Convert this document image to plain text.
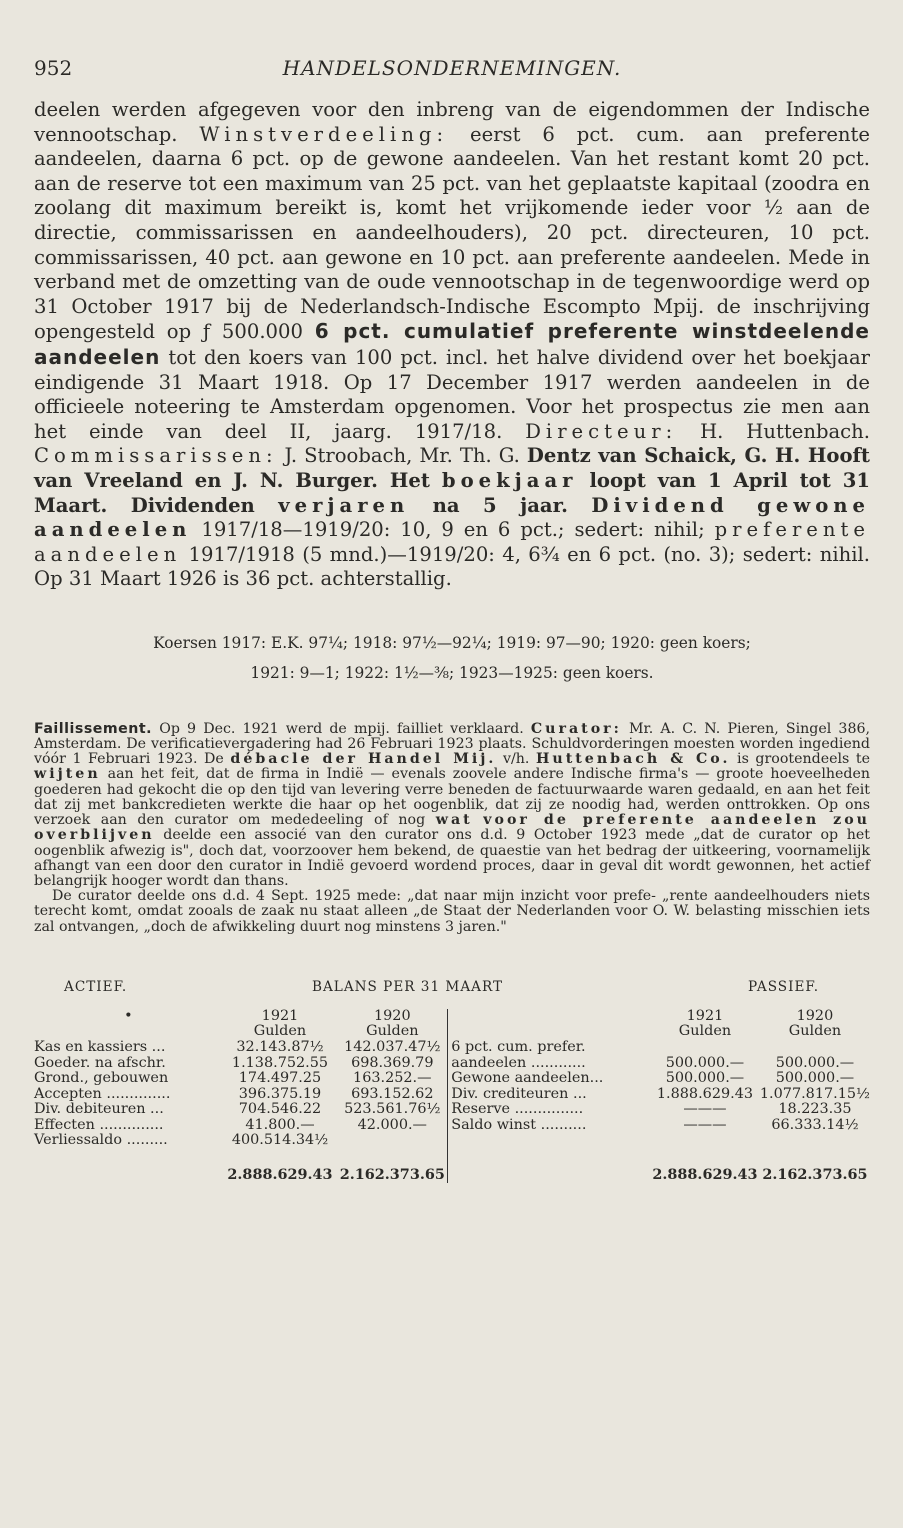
952	HANDELSONDERNEMINGEN.
deelen werden afgegeven voor den inbreng van de eigendommen der Indische vennootschap. Winstverdeeling: eerst 6 pct. cum. aan preferente aandeelen, daarna 6 pct. op de gewone aandeelen. Van het restant komt 20 pct. aan de reserve tot een maximum van 25 pct. van het geplaatste kapitaal (zoodra en zoolang dit maximum bereikt is, komt het vrijkomende ieder voor ½ aan de directie, commissarissen en aandeelhouders), 20 pct. directeuren, 10 pct. commissarissen, 40 pct. aan gewone en 10 pct. aan preferente aandeelen. Mede in verband met de omzetting van de oude vennootschap in de tegenwoordige werd op 31 October 1917 bij de Nederlandsch-Indische Escompto Mpij. de inschrijving opengesteld op ƒ 500.000 6 pct. cumulatief preferente winstdeelende aandeelen tot den koers van 100 pct. incl. het halve dividend over het boekjaar eindigende 31 Maart 1918. Op 17 December 1917 werden aandeelen in de officieele noteering te Amsterdam opgenomen. Voor het prospectus zie men aan het einde van deel II, jaarg. 1917/18. Directeur: H. Huttenbach. Commissarissen: J. Stroobach, Mr. Th. G. Dentz van Schaick, G. H. Hooft van Vreeland en J. N. Burger. Het boekjaar loopt van 1 April tot 31 Maart. Dividenden verjaren na 5 jaar. Dividend gewone aandeelen 1917/18—1919/20: 10, 9 en 6 pct.; sedert: nihil; preferente aandeelen 1917/1918 (5 mnd.)—1919/20: 4, 6¾ en 6 pct. (no. 3); sedert: nihil. Op 31 Maart 1926 is 36 pct. achterstallig.
Koersen 1917: E.K. 97¼; 1918: 97½—92¼; 1919: 97—90; 1920: geen koers;
1921: 9—1; 1922: 1½—⅜; 1923—1925: geen koers.

Faillissement. Op 9 Dec. 1921 werd de mpij. failliet verklaard. Curator: Mr. A. C. N. Pieren, Singel 386, Amsterdam. De verificatievergadering had 26 Februari 1923 plaats. Schuldvorderingen moesten worden ingediend vóór 1 Februari 1923. De débacle der Handel Mij. v/h. Huttenbach & Co. is grootendeels te wijten aan het feit, dat de firma in Indië — evenals zoovele andere Indische firma's — groote hoeveelheden goederen had gekocht die op den tijd van levering verre beneden de factuurwaarde waren gedaald, en aan het feit dat zij met bankcredieten werkte die haar op het oogenblik, dat zij ze noodig had, werden onttrokken. Op ons verzoek aan den curator om mededeeling of nog wat voor de preferente aandeelen zou overblijven deelde een associé van den curator ons d.d. 9 October 1923 mede „dat de curator op het oogenblik afwezig is", doch dat, voorzoover hem bekend, de quaestie van het bedrag der uitkeering, voornamelijk afhangt van een door den curator in Indië gevoerd wordend proces, daar in geval dit wordt gewonnen, het actief belangrijk hooger wordt dan thans.

De curator deelde ons d.d. 4 Sept. 1925 mede: „dat naar mijn inzicht voor prefe- „rente aandeelhouders niets terecht komt, omdat zooals de zaak nu staat alleen „de Staat der Nederlanden voor O. W. belasting misschien iets zal ontvangen, „doch de afwikkeling duurt nog minstens 3 jaren."

ACTIEF.	BALANS PER 31 MAART	PASSIEF.
•	1921	1920		1921	1920
	Gulden	Gulden		Gulden	Gulden
Kas en kassiers ...	32.143.87½	142.037.47½	6 pct. cum. prefer.		
Goeder. na afschr.	1.138.752.55	698.369.79	aandeelen ............	500.000.—	500.000.—
Grond., gebouwen	174.497.25	163.252.—	Gewone aandeelen...	500.000.—	500.000.—
Accepten ..............	396.375.19	693.152.62	Div. crediteuren ...	1.888.629.43	1.077.817.15½
Div. debiteuren ...	704.546.22	523.561.76½	Reserve ...............	———	18.223.35
Effecten ..............	41.800.—	42.000.—	Saldo winst ..........	———	66.333.14½
Verliessaldo .........	400.514.34½				
	2.888.629.43	2.162.373.65		2.888.629.43	2.162.373.65
